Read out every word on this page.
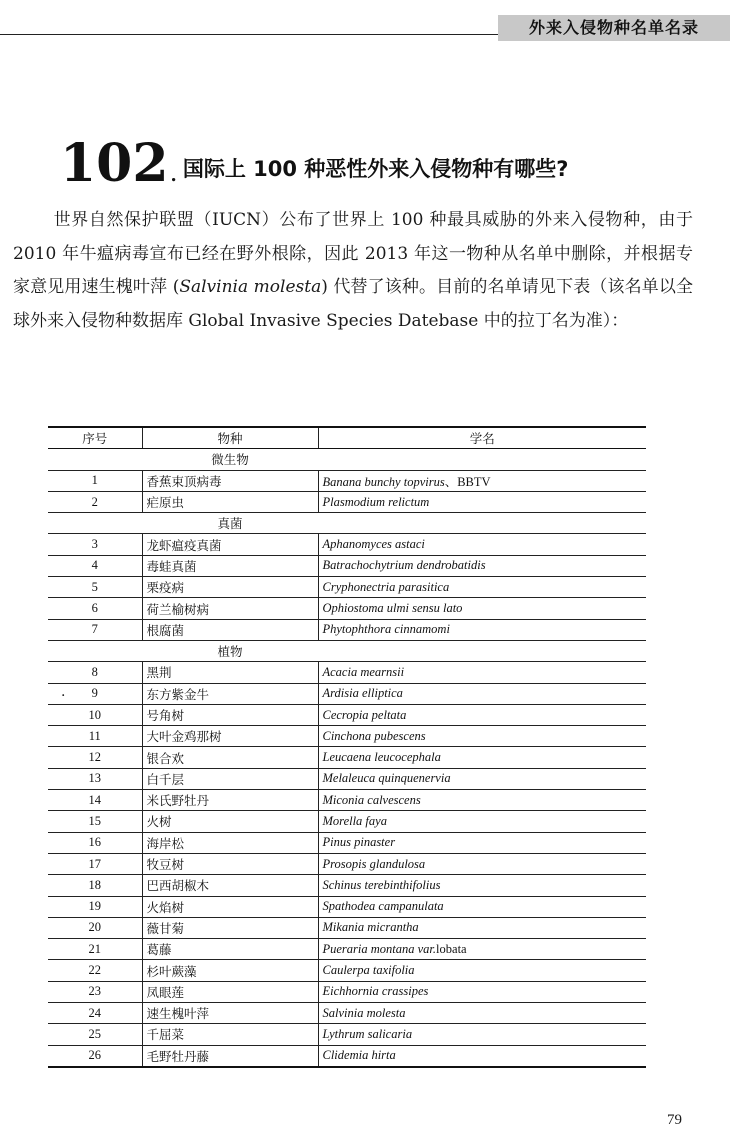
外来入侵物种名单名录
102 . 国际上 100 种恶性外来入侵物种有哪些?

世界自然保护联盟（IUCN）公布了世界上 100 种最具威胁的外来入侵物种，由于 2010 年牛瘟病毒宣布已经在野外根除，因此 2013 年这一物种从名单中删除，并根据专家意见用速生槐叶萍 (Salvinia molesta) 代替了该种。目前的名单请见下表（该名单以全球外来入侵物种数据库 Global Invasive Species Datebase 中的拉丁名为准）：

序号	物种	学名
	微生物	
1	香蕉束顶病毒	Banana bunchy topvirus、BBTV
2	疟原虫	Plasmodium relictum
	真菌	
3	龙虾瘟疫真菌	Aphanomyces astaci
4	毒蛙真菌	Batrachochytrium dendrobatidis
5	栗疫病	Cryphonectria parasitica
6	荷兰榆树病	Ophiostoma ulmi sensu lato
7	根腐菌	Phytophthora cinnamomi
	植物	
8	黑荆	Acacia mearnsii
9	东方紫金牛	Ardisia elliptica
10	号角树	Cecropia peltata
11	大叶金鸡那树	Cinchona pubescens
12	银合欢	Leucaena leucocephala
13	白千层	Melaleuca quinquenervia
14	米氏野牡丹	Miconia calvescens
15	火树	Morella faya
16	海岸松	Pinus pinaster
17	牧豆树	Prosopis glandulosa
18	巴西胡椒木	Schinus terebinthifolius
19	火焰树	Spathodea campanulata
20	薇甘菊	Mikania micrantha
21	葛藤	Pueraria montana var.lobata
22	杉叶蕨藻	Caulerpa taxifolia
23	凤眼莲	Eichhornia crassipes
24	速生槐叶萍	Salvinia molesta
25	千屈菜	Lythrum salicaria
26	毛野牡丹藤	Clidemia hirta
·
79
